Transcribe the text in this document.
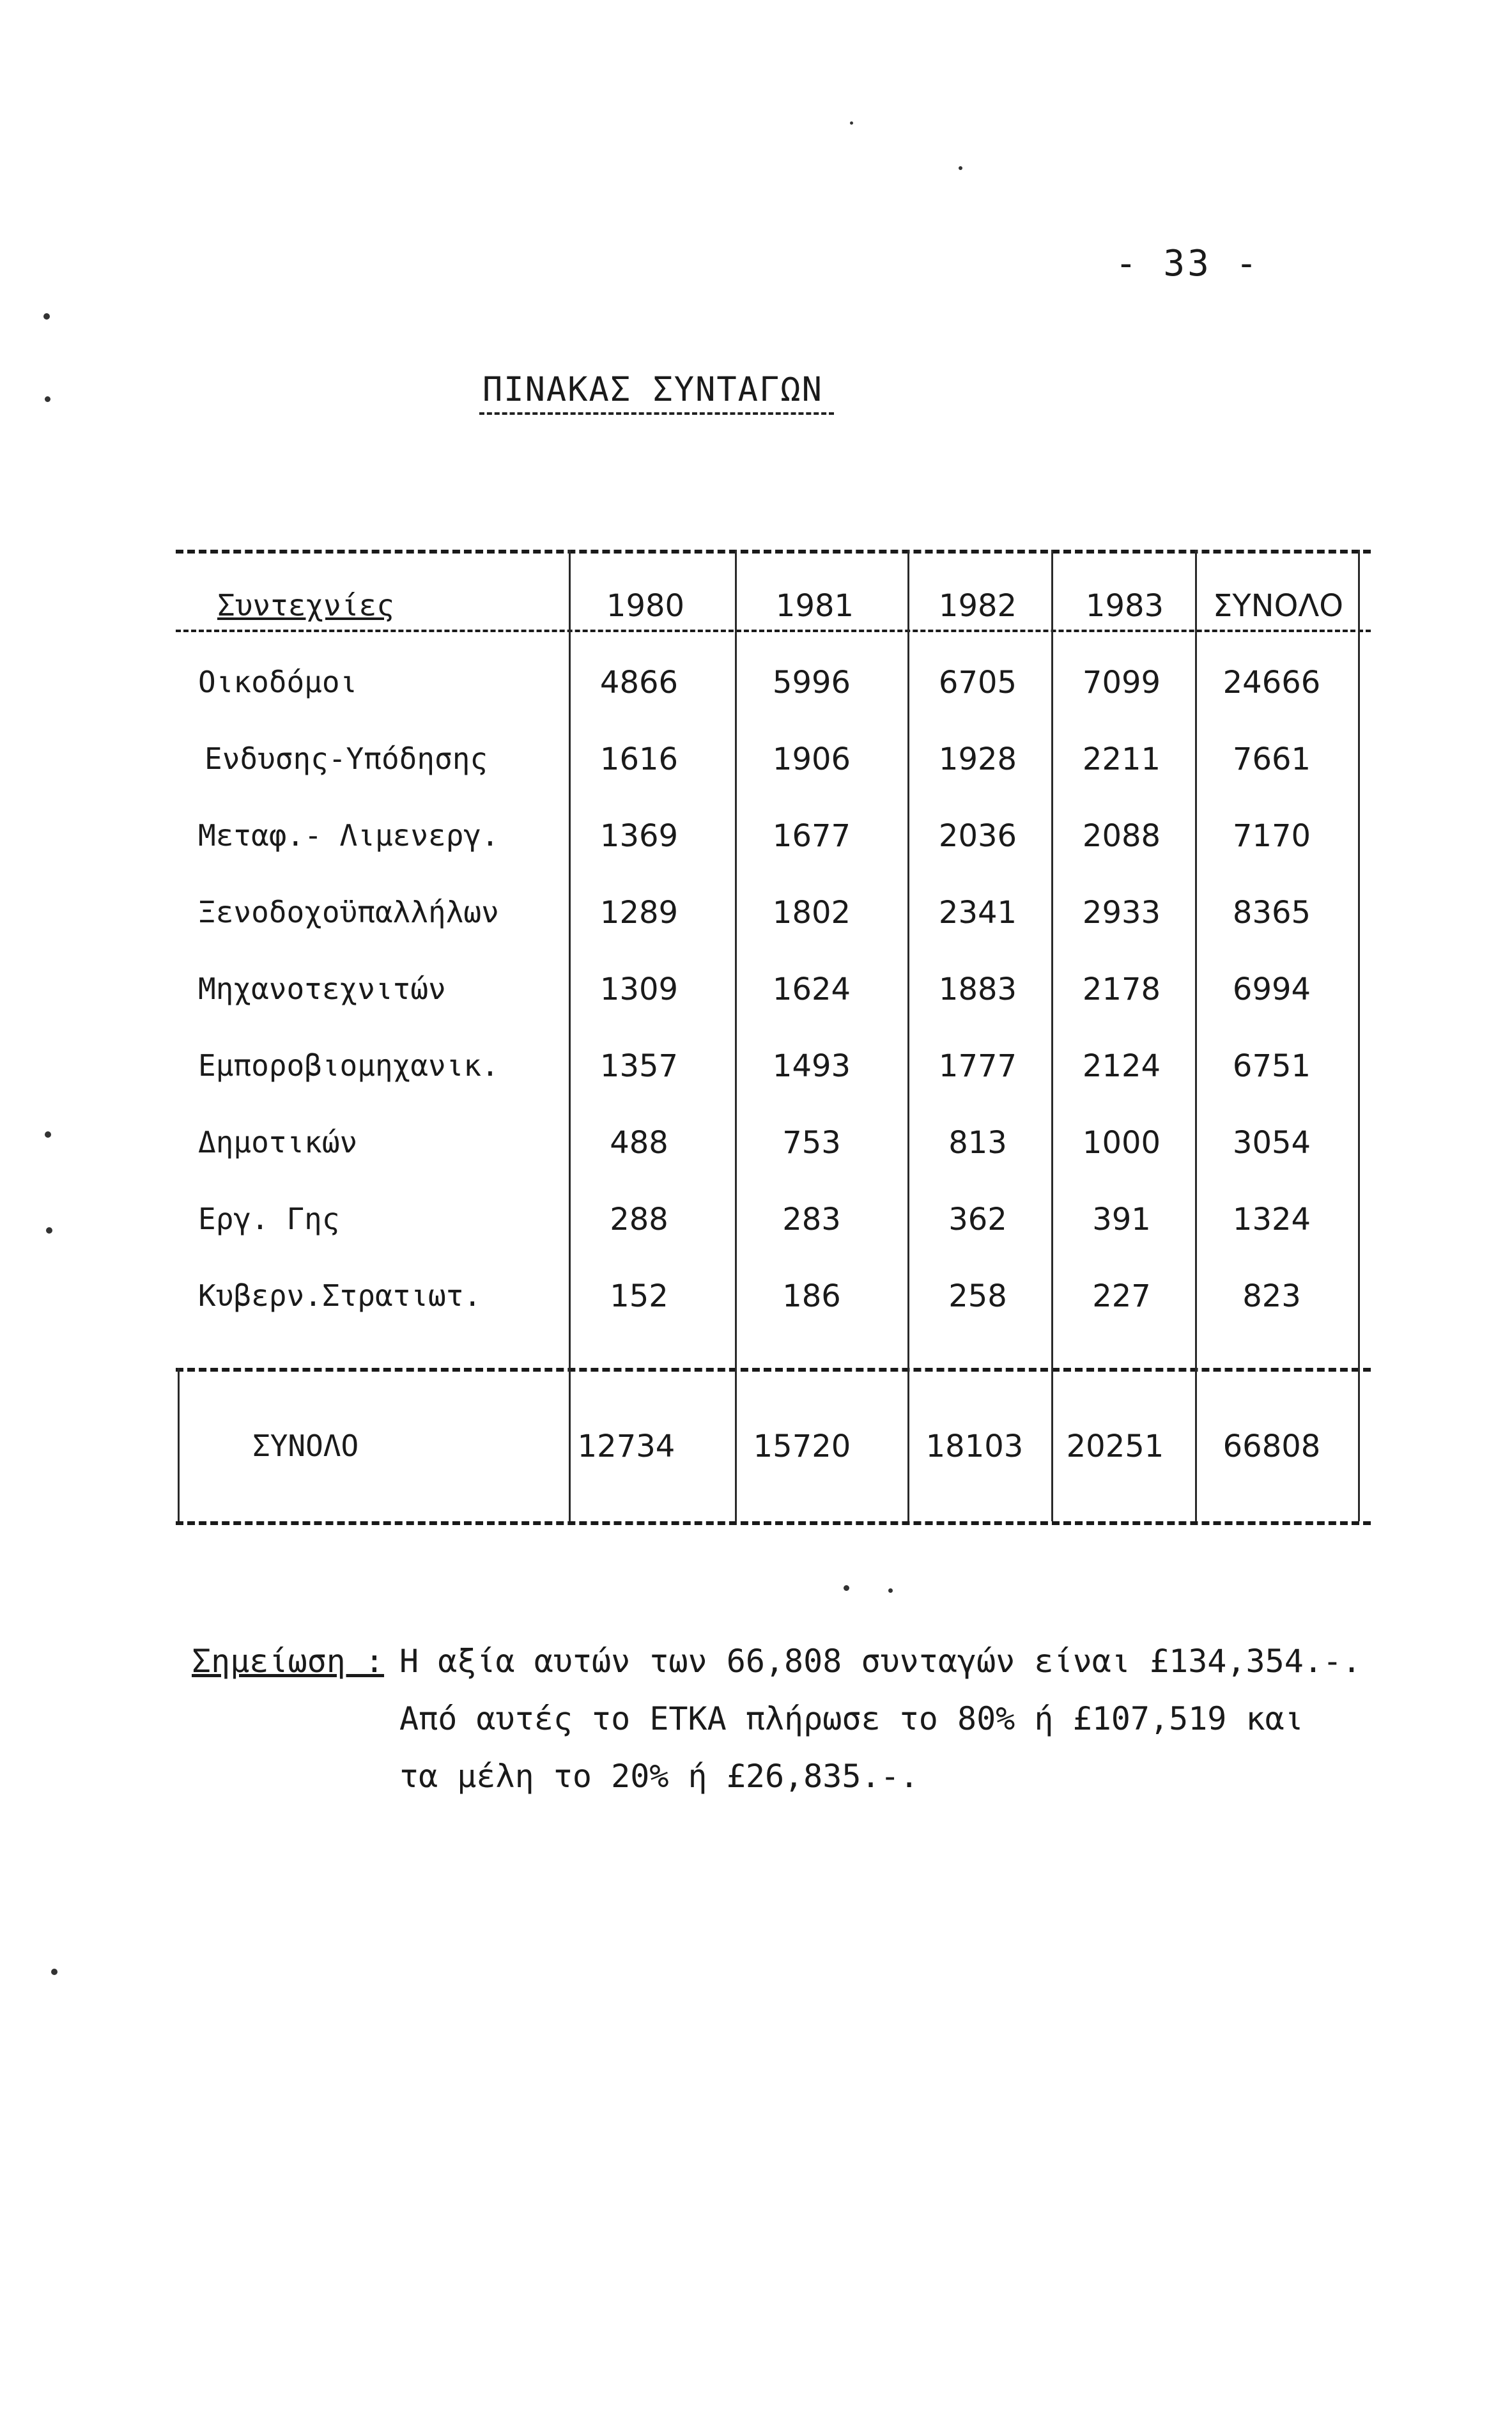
- 33 -
ΠΙΝΑΚΑΣ ΣΥΝΤΑΓΩΝ
Συντεχνίες	1980	1981	1982	1983	ΣΥΝΟΛΟ
Οικοδόμοι	4866	5996	6705	7099	24666
Ενδυσης-Υπόδησης	1616	1906	1928	2211	7661
Μεταφ.- Λιμενεργ.	1369	1677	2036	2088	7170
Ξενοδοχοϋπαλλήλων	1289	1802	2341	2933	8365
Μηχανοτεχνιτών	1309	1624	1883	2178	6994
Εμποροβιομηχανικ.	1357	1493	1777	2124	6751
Δημοτικών	488	753	813	1000	3054
Εργ. Γης	288	283	362	391	1324
Κυβερν.Στρατιωτ.	152	186	258	227	823
ΣΥΝΟΛΟ	12734	15720	18103	20251	66808
Σημείωση : Η αξία αυτών των 66,808 συνταγών είναι £134,354.-.
Από αυτές το ΕΤΚΑ πλήρωσε το 80% ή £107,519 και
τα μέλη το 20% ή £26,835.-.
